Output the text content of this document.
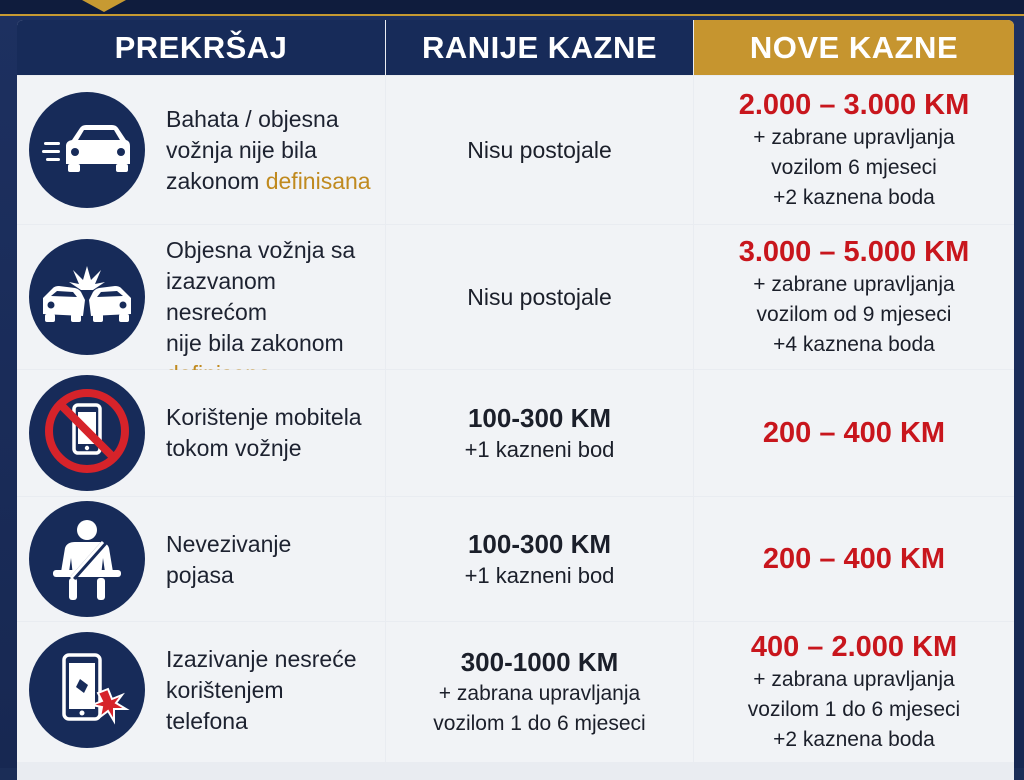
PREKRŠAJ	RANIJE KAZNE	NOVE KAZNE
Bahata / objesna
vožnja nije bila
zakonom definisana
Nisu postojale
2.000 – 3.000 KM
+ zabrane upravljanja
vozilom 6 mjeseci
+2 kaznena boda
Objesna vožnja sa
izazvanom nesrećom
nije bila zakonom
Nisu postojale
3.000 – 5.000 KM
+ zabrane upravljanja
vozilom od 9 mjeseci
+4 kaznena boda
Korištenje mobitela
tokom vožnje
100-300 KM
+1 kazneni bod
200 – 400 KM
Nevezivanje
pojasa
100-300 KM
+1 kazneni bod
200 – 400 KM
Izazivanje nesreće
korištenjem
telefona
300-1000 KM
+ zabrana upravljanja
vozilom 1 do 6 mjeseci
400 – 2.000 KM
+ zabrana upravljanja
vozilom 1 do 6 mjeseci
+2 kaznena boda
